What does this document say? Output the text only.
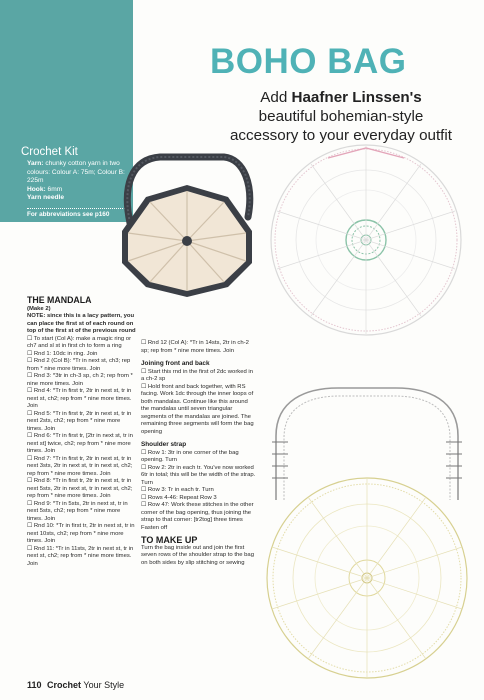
Crochet Kit
Yarn: chunky cotton yarn in two colours: Colour A: 75m; Colour B: 225m
Hook: 6mm
Yarn needle
For abbreviations see p160
BOHO BAG
Add Haafner Linssen's
beautiful bohemian-style
accessory to your everyday outfit
THE MANDALA
(Make 2)
NOTE: since this is a lacy pattern, you can place the first st of each round on top of the first st of the previous round
☐ To start (Col A): make a magic ring or ch7 and sl st in first ch to form a ring
☐ Rnd 1: 10dc in ring. Join
☐ Rnd 2 (Col B): *Tr in next st, ch3; rep from * nine more times. Join
☐ Rnd 3: *3tr in ch-3 sp, ch 2; rep from * nine more times. Join
☐ Rnd 4: *Tr in first tr, 2tr in next st, tr in next st, ch2; rep from * nine more times. Join
☐ Rnd 5: *Tr in first tr, 2tr in next st, tr in next 2sts, ch2; rep from * nine more times. Join
☐ Rnd 6: *Tr in first tr, [2tr in next st, tr in next st] twice, ch2; rep from * nine more times. Join
☐ Rnd 7: *Tr in first tr, 2tr in next st, tr in next 3sts, 2tr in next st, tr in next st, ch2; rep from * nine more times. Join
☐ Rnd 8: *Tr in first tr, 2tr in next st, tr in next 5sts, 2tr in next st, tr in next st, ch2; rep from * nine more times. Join
☐ Rnd 9: *Tr in 5sts, 2tr in next st, tr in next 5sts, ch2; rep from * nine more times. Join
☐ Rnd 10: *Tr in first tr, 2tr in next st, tr in next 10sts, ch2; rep from * nine more times. Join
☐ Rnd 11: *Tr in 11sts, 2tr in next st, tr in next st, ch2; rep from * nine more times. Join
☐ Rnd 12 (Col A): *Tr in 14sts, 2tr in ch-2 sp; rep from * nine more times. Join
Joining front and back
☐ Start this rnd in the first of 2dc worked in a ch-2 sp
☐ Hold front and back together, with RS facing. Work 1dc through the inner loops of both mandalas. Continue like this around the mandalas until seven triangular segments of the mandalas are joined. The remaining three segments will form the bag opening
Shoulder strap
☐ Row 1: 3tr in one corner of the bag opening. Turn
☐ Row 2: 2tr in each tr. You've now worked 6tr in total; this will be the width of the strap. Turn
☐ Row 3: Tr in each tr. Turn
☐ Rows 4-46: Repeat Row 3
☐ Row 47: Work these stitches in the other corner of the bag opening, thus joining the strap to that corner: [tr2tog] three times
Fasten off
TO MAKE UP
Turn the bag inside out and join the first seven rows of the shoulder strap to the bag on both sides by slip stitching or sewing
110 Crochet Your Style
